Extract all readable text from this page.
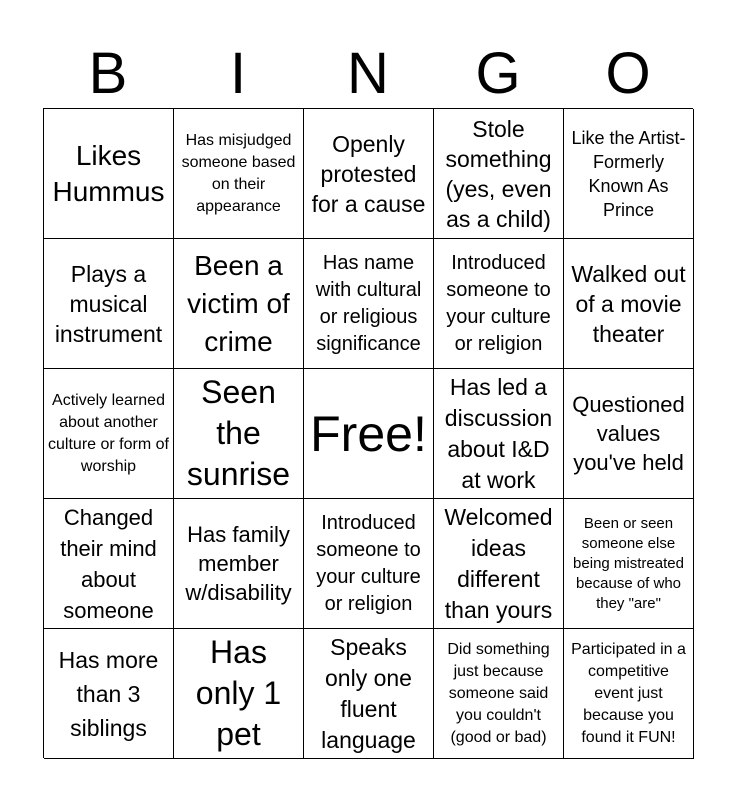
B	I	N	G	O
Likes Hummus
Has misjudged someone based on their appearance
Openly protested for a cause
Stole something (yes, even as a child)
Like the Artist-Formerly Known As Prince
Plays a musical instrument
Been a victim of crime
Has name with cultural or religious significance
Introduced someone to your culture or religion
Walked out of a movie theater
Actively learned about another culture or form of worship
Seen the sunrise
Free!
Has led a discussion about I&D at work
Questioned values you've held
Changed their mind about someone
Has family member w/disability
Introduced someone to your culture or religion
Welcomed ideas different than yours
Been or seen someone else being mistreated because of who they "are"
Has more than 3 siblings
Has only 1 pet
Speaks only one fluent language
Did something just because someone said you couldn't (good or bad)
Participated in a competitive event just because you found it FUN!
